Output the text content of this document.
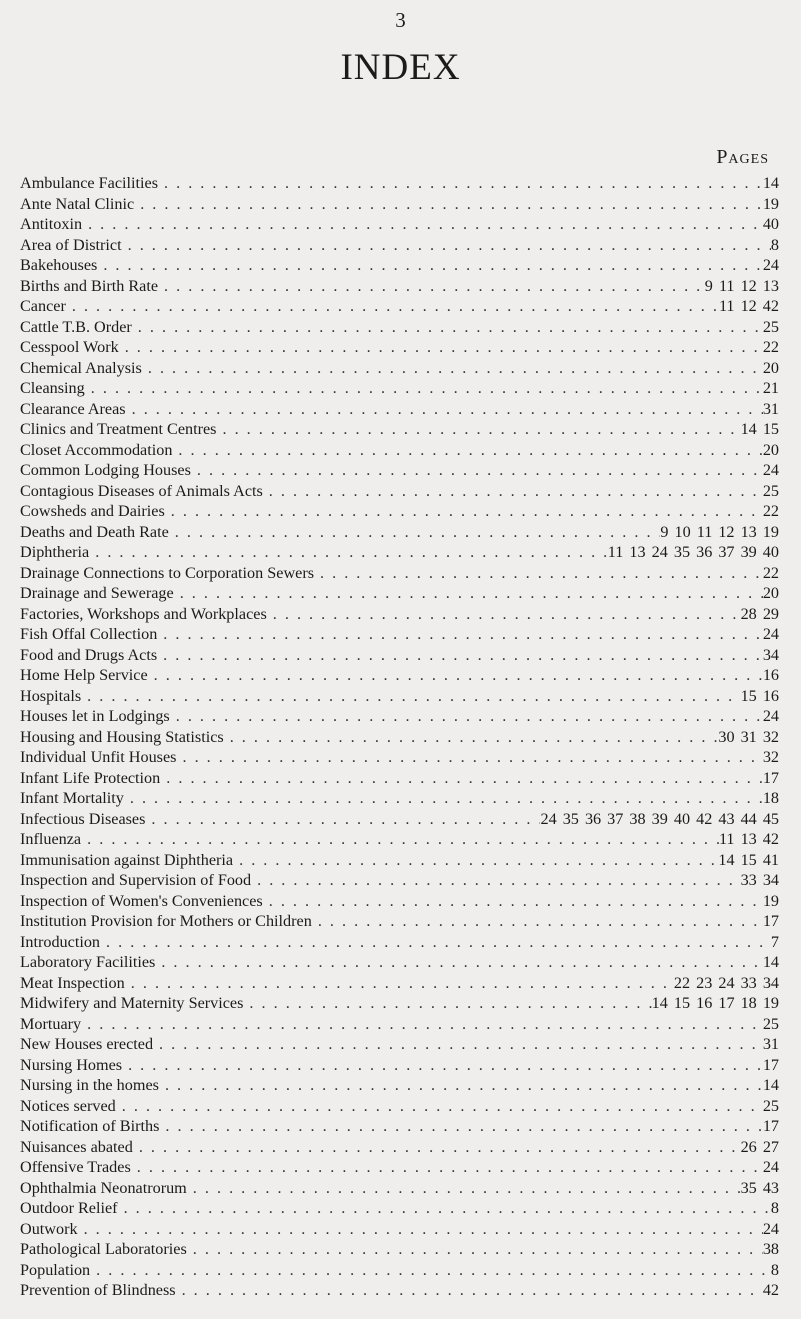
3
INDEX
Pages
Ambulance Facilities . . .	14
Ante Natal Clinic . . .	19
Antitoxin . . .	40
Area of District . . .	8
Bakehouses . . .	24
Births and Birth Rate . . .	9 11 12 13
Cancer . . .	11 12 42
Cattle T.B. Order . . .	25
Cesspool Work . . .	22
Chemical Analysis . . .	20
Cleansing . . .	21
Clearance Areas . . .	31
Clinics and Treatment Centres . . .	14 15
Closet Accommodation . . .	20
Common Lodging Houses . . .	24
Contagious Diseases of Animals Acts . . .	25
Cowsheds and Dairies . . .	22
Deaths and Death Rate . . .	9 10 11 12 13 19
Diphtheria . . .	11 13 24 35 36 37 39 40
Drainage Connections to Corporation Sewers . . .	22
Drainage and Sewerage . . .	20
Factories, Workshops and Workplaces . . .	28 29
Fish Offal Collection . . .	24
Food and Drugs Acts . . .	34
Home Help Service . . .	16
Hospitals . . .	15 16
Houses let in Lodgings . . .	24
Housing and Housing Statistics . . .	30 31 32
Individual Unfit Houses . . .	32
Infant Life Protection . . .	17
Infant Mortality . . .	18
Infectious Diseases . . .	24 35 36 37 38 39 40 42 43 44 45
Influenza . . .	11 13 42
Immunisation against Diphtheria . . .	14 15 41
Inspection and Supervision of Food . . .	33 34
Inspection of Women's Conveniences . . .	19
Institution Provision for Mothers or Children . . .	17
Introduction . . .	7
Laboratory Facilities . . .	14
Meat Inspection . . .	22 23 24 33 34
Midwifery and Maternity Services . . .	14 15 16 17 18 19
Mortuary . . .	25
New Houses erected . . .	31
Nursing Homes . . .	17
Nursing in the homes . . .	14
Notices served . . .	25
Notification of Births . . .	17
Nuisances abated . . .	26 27
Offensive Trades . . .	24
Ophthalmia Neonatrorum . . .	35 43
Outdoor Relief . . .	8
Outwork . . .	24
Pathological Laboratories . . .	38
Population . . .	8
Prevention of Blindness . . .	42
